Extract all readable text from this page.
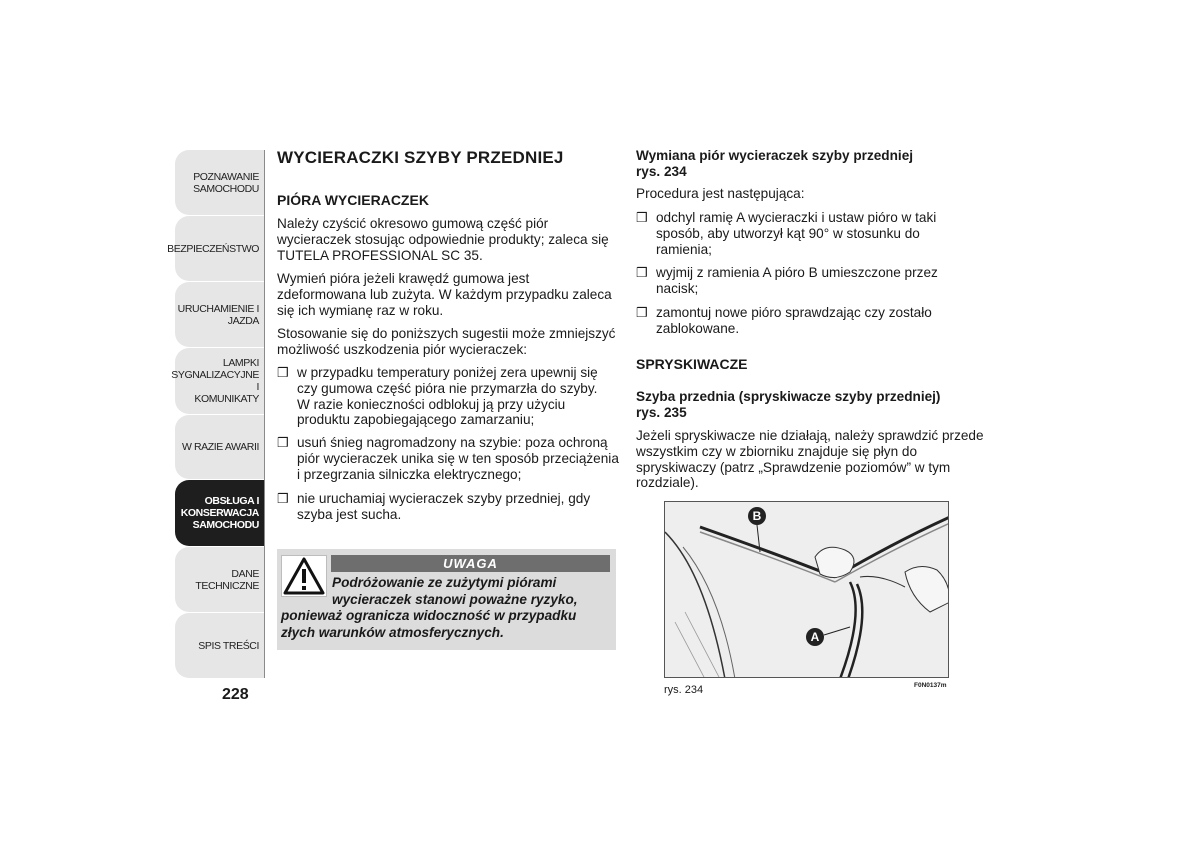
POZNAWANIE
SAMOCHODU
BEZPIECZEŃSTWO
URUCHAMIENIE I
JAZDA
LAMPKI
SYGNALIZACYJNE I
KOMUNIKATY
W RAZIE AWARII
OBSŁUGA I
KONSERWACJA
SAMOCHODU
DANE TECHNICZNE
SPIS TREŚCI
228
WYCIERACZKI SZYBY PRZEDNIEJ
PIÓRA WYCIERACZEK
Należy czyścić okresowo gumową część piór
wycieraczek stosując odpowiednie produkty; zaleca się
TUTELA PROFESSIONAL SC 35.
Wymień pióra jeżeli krawędź gumowa jest
zdeformowana lub zużyta. W każdym przypadku zaleca
się ich wymianę raz w roku.
Stosowanie się do poniższych sugestii może zmniejszyć
możliwość uszkodzenia piór wycieraczek:
❒ w przypadku temperatury poniżej zera upewnij się
czy gumowa część pióra nie przymarzła do szyby.
W razie konieczności odblokuj ją przy użyciu
produktu zapobiegającego zamarzaniu;
❒ usuń śnieg nagromadzony na szybie: poza ochroną
piór wycieraczek unika się w ten sposób przeciążenia
i przegrzania silniczka elektrycznego;
❒ nie uruchamiaj wycieraczek szyby przedniej, gdy
szyba jest sucha.
UWAGA
Podróżowanie ze zużytymi piórami
wycieraczek stanowi poważne ryzyko,
ponieważ ogranicza widoczność w przypadku
złych warunków atmosferycznych.
Wymiana piór wycieraczek szyby przedniej
rys. 234
Procedura jest następująca:
❒ odchyl ramię A wycieraczki i ustaw pióro w taki
sposób, aby utworzył kąt 90° w stosunku do
ramienia;
❒ wyjmij z ramienia A pióro B umieszczone przez
nacisk;
❒ zamontuj nowe pióro sprawdzając czy zostało
zablokowane.
SPRYSKIWACZE
Szyba przednia (spryskiwacze szyby przedniej)
rys. 235
Jeżeli spryskiwacze nie działają, należy sprawdzić przede
wszystkim czy w zbiorniku znajduje się płyn do
spryskiwaczy (patrz „Sprawdzenie poziomów” w tym
rozdziale).
B
A
rys. 234	F0N0137m
